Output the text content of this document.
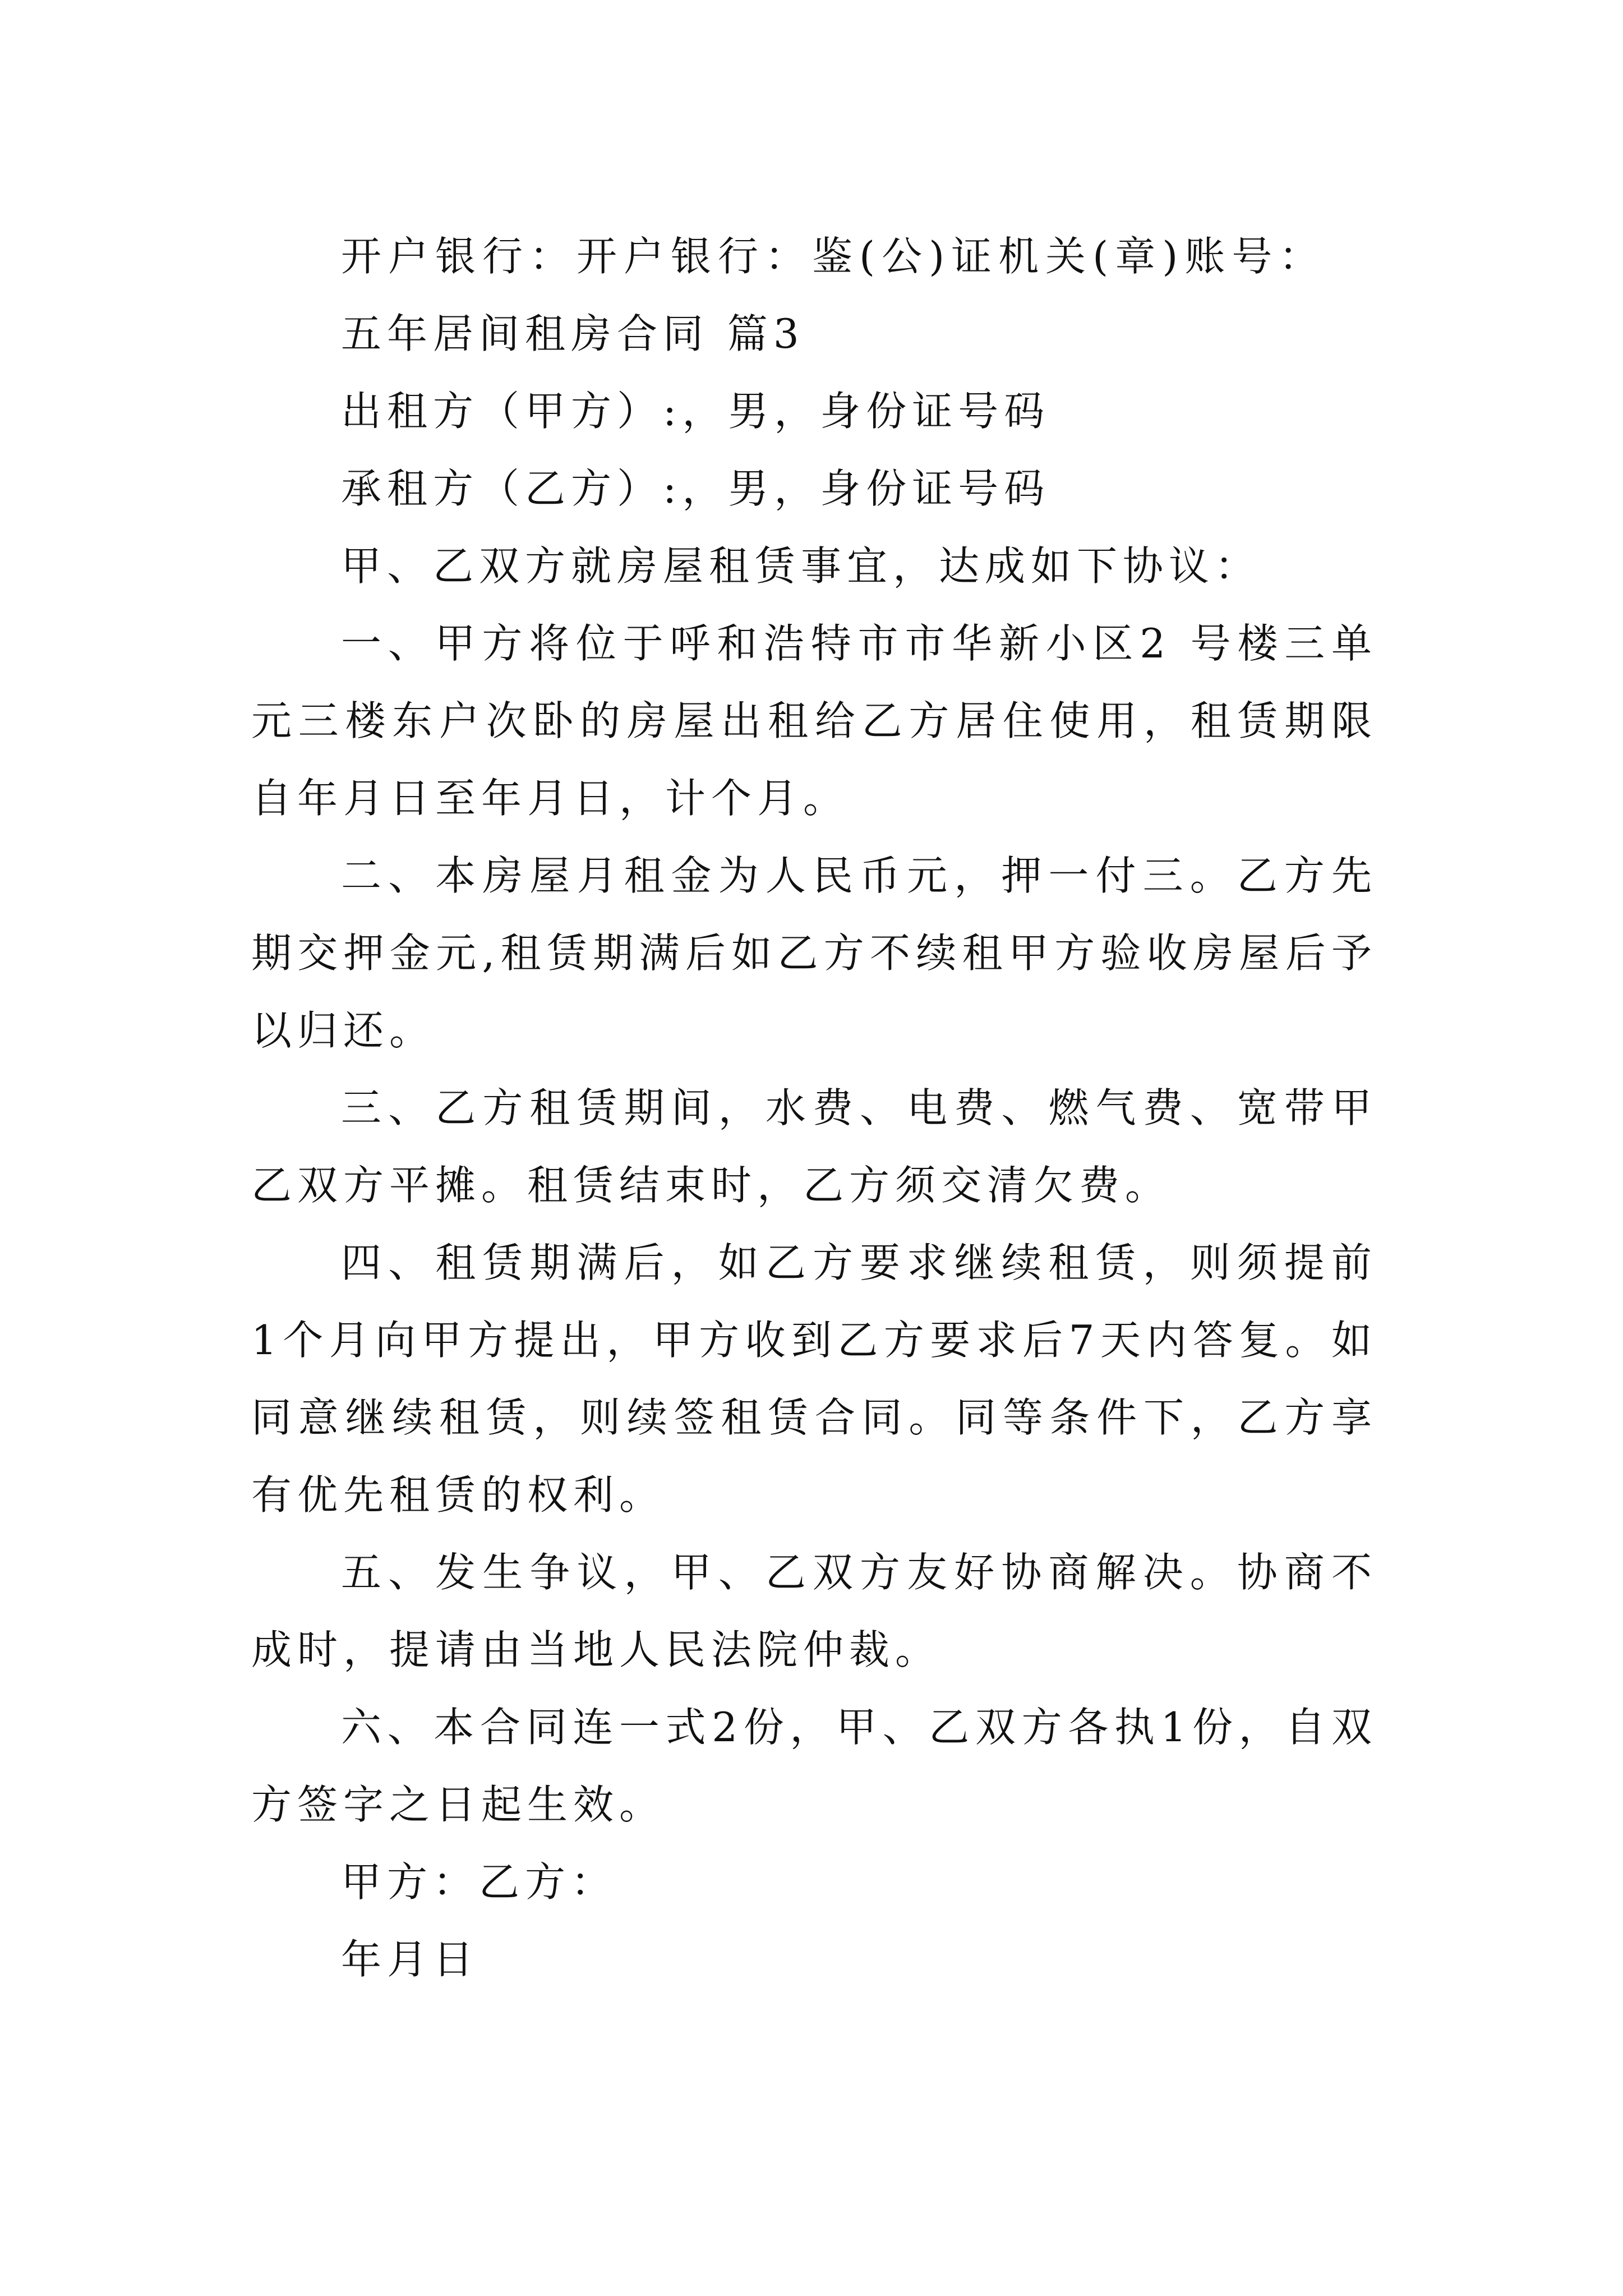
开户银行：开户银行：鉴(公)证机关(章)账号：

五年居间租房合同 篇3

出租方（甲方）:，男，身份证号码

承租方（乙方）:，男，身份证号码

甲、乙双方就房屋租赁事宜，达成如下协议：

一、甲方将位于呼和浩特市市华新小区2 号楼三单元三楼东户次卧的房屋出租给乙方居住使用，租赁期限自年月日至年月日，计个月。

二、本房屋月租金为人民币元，押一付三。乙方先期交押金元,租赁期满后如乙方不续租甲方验收房屋后予以归还。

三、乙方租赁期间，水费、电费、燃气费、宽带甲乙双方平摊。租赁结束时，乙方须交清欠费。

四、租赁期满后，如乙方要求继续租赁，则须提前1个月向甲方提出，甲方收到乙方要求后7天内答复。如同意继续租赁，则续签租赁合同。同等条件下，乙方享有优先租赁的权利。

五、发生争议，甲、乙双方友好协商解决。协商不成时，提请由当地人民法院仲裁。

六、本合同连一式2份，甲、乙双方各执1份，自双方签字之日起生效。

甲方：乙方：

年月日
